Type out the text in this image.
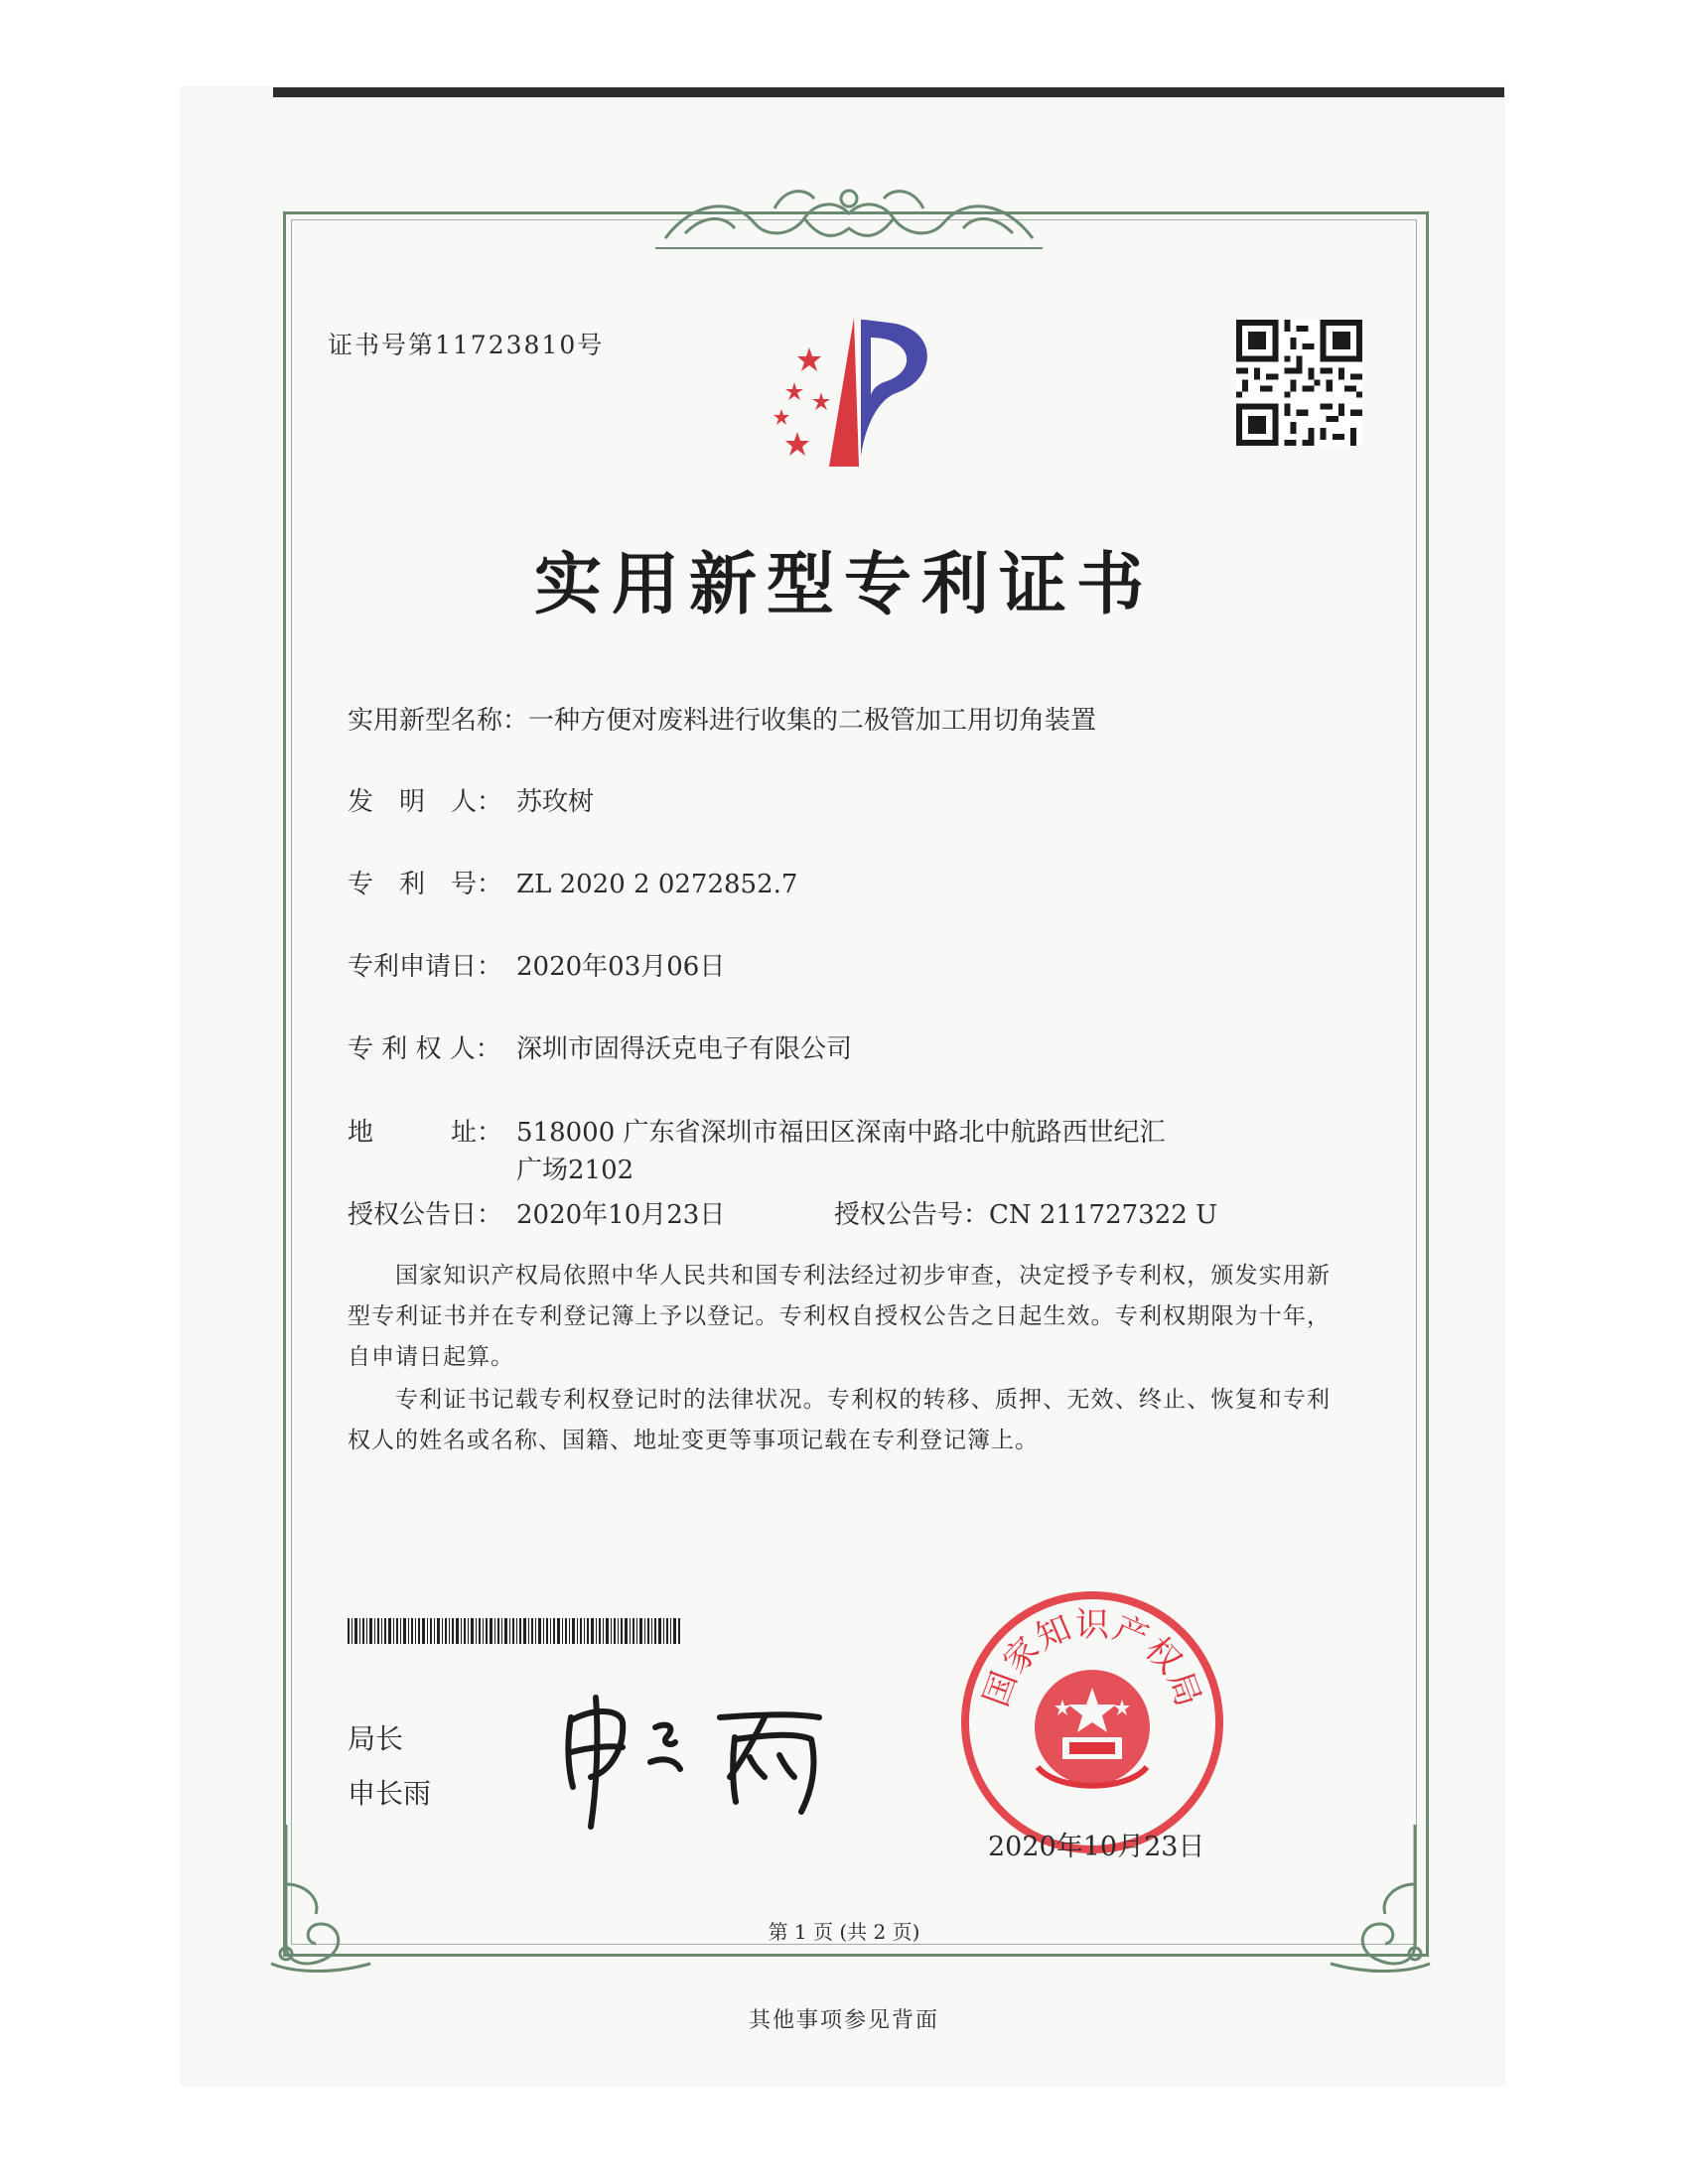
证书号第11723810号
实用新型专利证书
实用新型名称：一种方便对废料进行收集的二极管加工用切角装置
发　明　人： 苏玫树
专　利　号： ZL 2020 2 0272852.7
专利申请日： 2020年03月06日
专 利 权 人： 深圳市固得沃克电子有限公司
地　　　址： 518000 广东省深圳市福田区深南中路北中航路西世纪汇
广场2102
授权公告日： 2020年10月23日	授权公告号：CN 211727322 U
国家知识产权局依照中华人民共和国专利法经过初步审查，决定授予专利权，颁发实用新型专利证书并在专利登记簿上予以登记。专利权自授权公告之日起生效。专利权期限为十年，自申请日起算。
专利证书记载专利权登记时的法律状况。专利权的转移、质押、无效、终止、恢复和专利权人的姓名或名称、国籍、地址变更等事项记载在专利登记簿上。
局长
申长雨
国
家
知
识
产
权
局
2020年10月23日
第 1 页 (共 2 页)
其他事项参见背面
